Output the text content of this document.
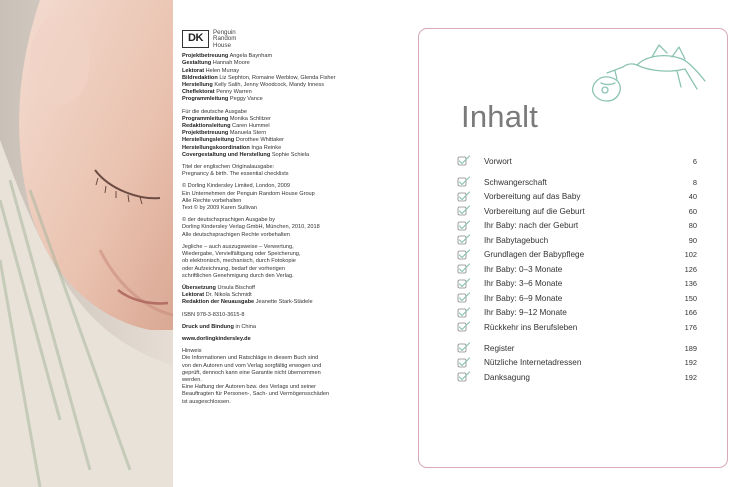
DK	Penguin
Random
House

Projektbetreuung Angela Baynham

Gestaltung Hannah Moore

Lektorat Helen Murray

Bildredaktion Liz Sephton, Romaine Werblow, Glenda Fisher

Herstellung Kelly Salih, Jenny Woodcock, Mandy Inness

Cheflektorat Penny Warren

Programmleitung Peggy Vance

Für die deutsche Ausgabe

Programmleitung Monika Schlitzer

Redaktionsleitung Caren Hummel

Projektbetreuung Manuela Stern

Herstellungsleitung Dorothee Whittaker

Herstellungskoordination Inga Reinke

Covergestaltung und Herstellung Sophie Schiela

Titel der englischen Originalausgabe:

Pregnancy & birth. The essential checklists

© Dorling Kindersley Limited, London, 2009

Ein Unternehmen der Penguin Random House Group

Alle Rechte vorbehalten

Text © by 2009 Karen Sullivan

© der deutschsprachigen Ausgabe by

Dorling Kindersley Verlag GmbH, München, 2010, 2018

Alle deutschsprachigen Rechte vorbehalten

Jegliche – auch auszugsweise – Verwertung,

Wiedergabe, Vervielfältigung oder Speicherung,

ob elektronisch, mechanisch, durch Fotokopie

oder Aufzeichnung, bedarf der vorherigen

schriftlichen Genehmigung durch den Verlag.

Übersetzung Ursula Bischoff

Lektorat Dr. Nikola Schmidt

Redaktion der Neuausgabe Jeanette Stark-Städele

ISBN 978-3-8310-3615-8

Druck und Bindung in China

www.dorlingkindersley.de

Hinweis

Die Informationen und Ratschläge in diesem Buch sind

von den Autoren und vom Verlag sorgfältig erwogen und

geprüft, dennoch kann eine Garantie nicht übernommen

werden.

Eine Haftung der Autoren bzw. des Verlags und seiner

Beauftragten für Personen-, Sach- und Vermögensschäden

ist ausgeschlossen.

Inhalt
Vorwort	6
Schwangerschaft	8
Vorbereitung auf das Baby	40
Vorbereitung auf die Geburt	60
Ihr Baby: nach der Geburt	80
Ihr Babytagebuch	90
Grundlagen der Babypflege	102
Ihr Baby: 0–3 Monate	126
Ihr Baby: 3–6 Monate	136
Ihr Baby: 6–9 Monate	150
Ihr Baby: 9–12 Monate	166
Rückkehr ins Berufsleben	176
Register	189
Nützliche Internetadressen	192
Danksagung	192
